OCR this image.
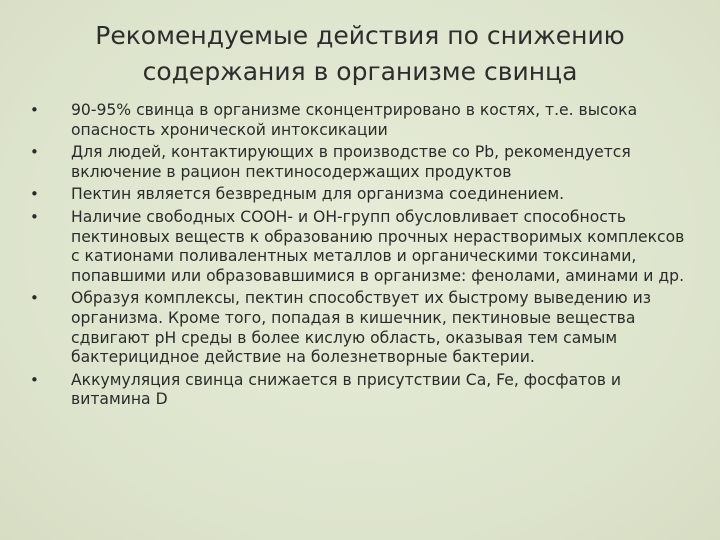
Рекомендуемые действия по снижению
содержания в организме свинца
•	90-95% свинца в организме сконцентрировано в костях, т.е. высока опасность хронической интоксикации
•	Для людей, контактирующих в производстве со Pb, рекомендуется включение в рацион пектиносодержащих продуктов
•	Пектин является безвредным для организма соединением.
•	Наличие свободных COOH- и OH-групп обусловливает способность пектиновых веществ к образованию прочных нерастворимых комплексов с катионами поливалентных металлов и органическими токсинами, попавшими или образовавшимися в организме: фенолами, аминами и др.
•	Образуя комплексы, пектин способствует их быстрому выведению из организма. Кроме того, попадая в кишечник, пектиновые вещества сдвигают pH среды в более кислую область, оказывая тем самым бактерицидное действие на болезнетворные бактерии.
•	Аккумуляция свинца снижается в присутствии Ca, Fe, фосфатов и витамина D
